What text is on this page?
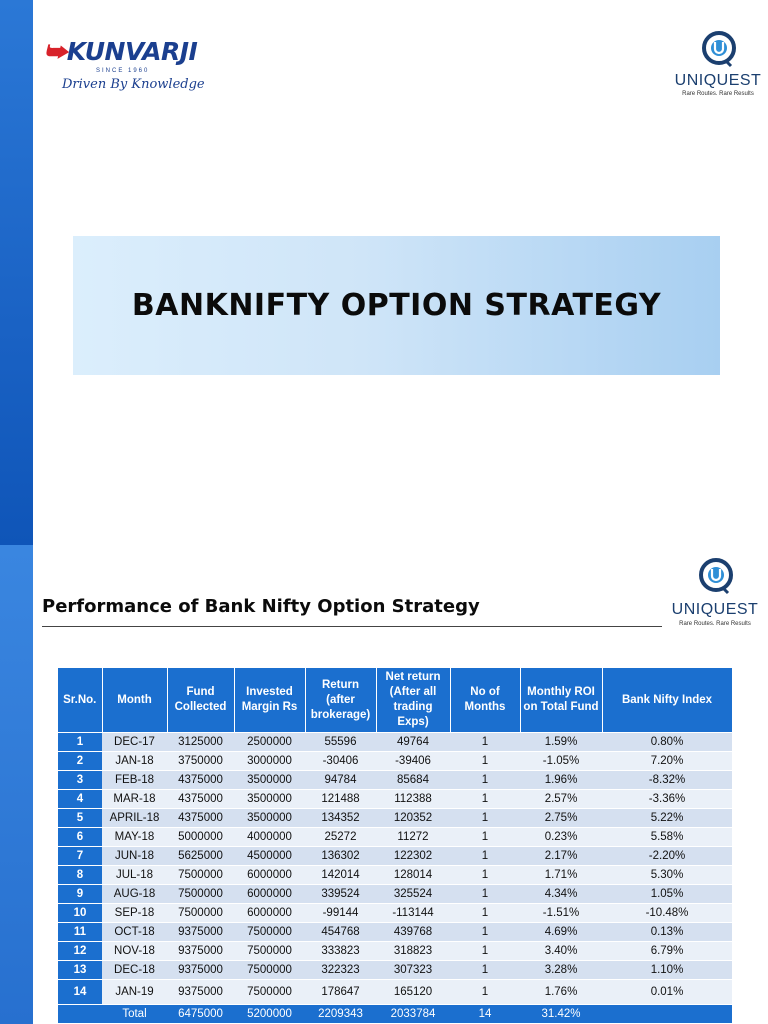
⮩KUNVARJI
SINCE 1960
Driven By Knowledge	UNIQUEST
Rare Routes. Rare Results
BANKNIFTY OPTION STRATEGY
Performance of Bank Nifty Option Strategy	UNIQUEST
Rare Routes. Rare Results
Sr.No.	Month	Fund Collected	Invested Margin Rs	Return (after brokerage)	Net return (After all trading Exps)	No of Months	Monthly ROI on Total Fund	Bank Nifty Index
1	DEC-17	3125000	2500000	55596	49764	1	1.59%	0.80%
2	JAN-18	3750000	3000000	-30406	-39406	1	-1.05%	7.20%
3	FEB-18	4375000	3500000	94784	85684	1	1.96%	-8.32%
4	MAR-18	4375000	3500000	121488	112388	1	2.57%	-3.36%
5	APRIL-18	4375000	3500000	134352	120352	1	2.75%	5.22%
6	MAY-18	5000000	4000000	25272	11272	1	0.23%	5.58%
7	JUN-18	5625000	4500000	136302	122302	1	2.17%	-2.20%
8	JUL-18	7500000	6000000	142014	128014	1	1.71%	5.30%
9	AUG-18	7500000	6000000	339524	325524	1	4.34%	1.05%
10	SEP-18	7500000	6000000	-99144	-113144	1	-1.51%	-10.48%
11	OCT-18	9375000	7500000	454768	439768	1	4.69%	0.13%
12	NOV-18	9375000	7500000	333823	318823	1	3.40%	6.79%
13	DEC-18	9375000	7500000	322323	307323	1	3.28%	1.10%
14	JAN-19	9375000	7500000	178647	165120	1	1.76%	0.01%
	Total	6475000	5200000	2209343	2033784	14	31.42%	
